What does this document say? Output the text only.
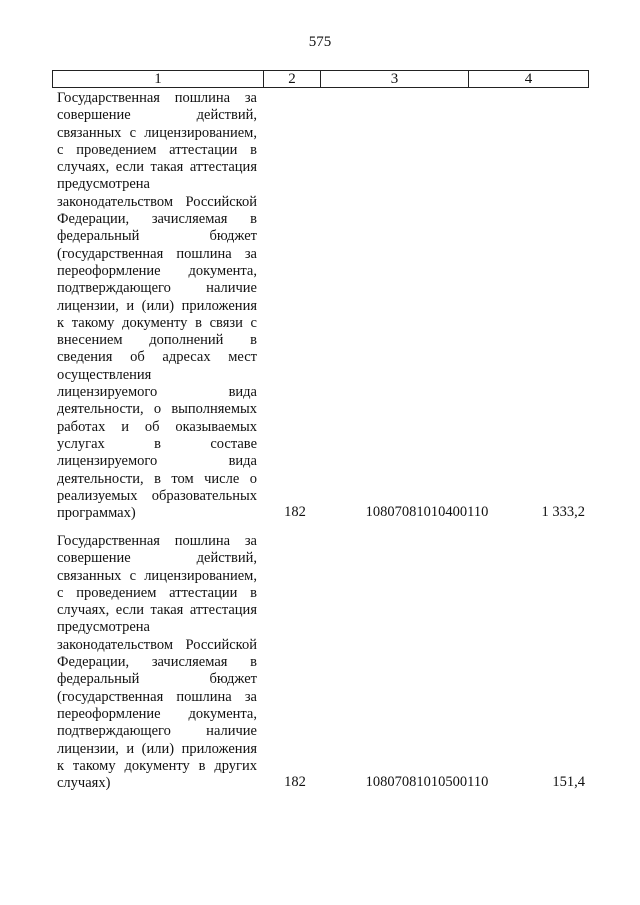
575
1	2	3	4
Государственная пошлина за
совершение действий,
связанных с лицензированием,
с проведением аттестации в
случаях, если такая аттестация
предусмотрена
законодательством Российской
Федерации, зачисляемая в
федеральный бюджет
(государственная пошлина за
переоформление документа,
подтверждающего наличие
лицензии, и (или) приложения
к такому документу в связи с
внесением дополнений в
сведения об адресах мест
осуществления
лицензируемого вида
деятельности, о выполняемых
работах и об оказываемых
услугах в составе
лицензируемого вида
деятельности, в том числе о
реализуемых образовательных
программах)	182	10807081010400110	1 333,2
Государственная пошлина за
совершение действий,
связанных с лицензированием,
с проведением аттестации в
случаях, если такая аттестация
предусмотрена
законодательством Российской
Федерации, зачисляемая в
федеральный бюджет
(государственная пошлина за
переоформление документа,
подтверждающего наличие
лицензии, и (или) приложения
к такому документу в других
случаях)	182	10807081010500110	151,4
